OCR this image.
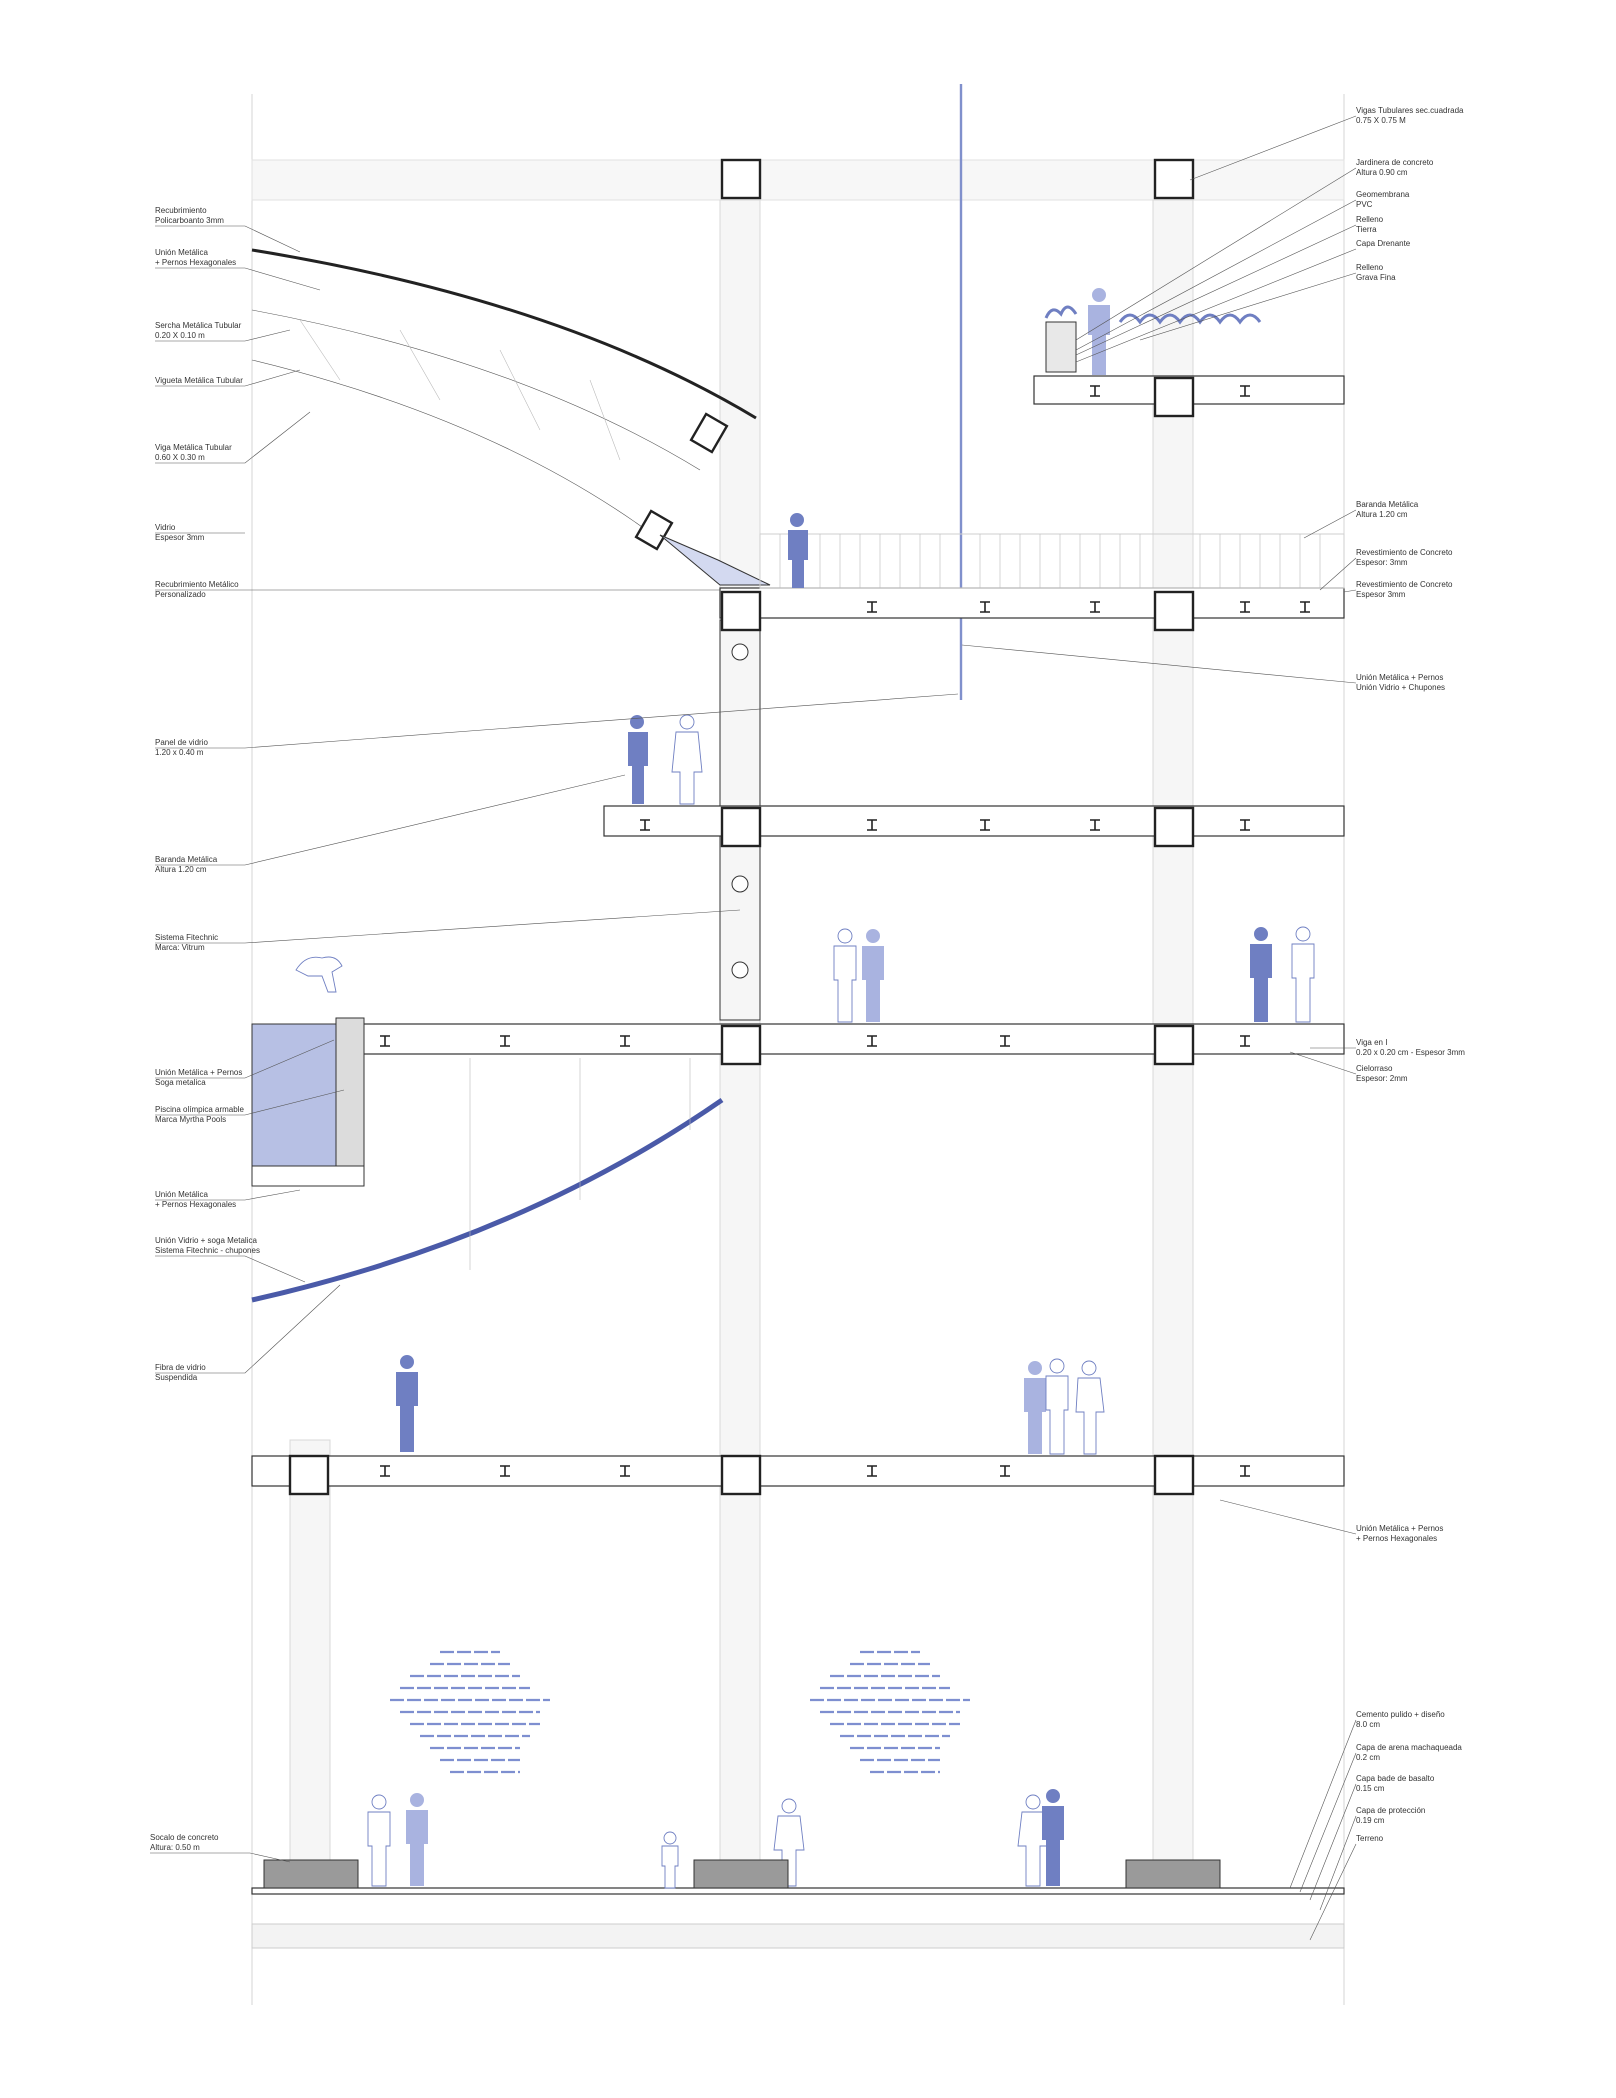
Recubrimiento
Policarboanto 3mm
Unión Metálica
+ Pernos Hexagonales
Sercha Metálica Tubular
0.20 X 0.10 m
Vigueta Metálica Tubular
Viga Metálica Tubular
0.60 X 0.30 m
Vidrio
Espesor 3mm
Recubrimiento Metálico
Personalizado
Panel de vidrio
1.20 x 0.40 m
Baranda Metálica
Altura 1.20 cm
Sistema Fitechnic
Marca: Vitrum
Unión Metálica + Pernos
Soga metalica
Piscina olímpica armable
Marca Myrtha Pools
Unión Metálica
+ Pernos Hexagonales
Unión Vidrio + soga Metalica
Sistema Fitechnic - chupones
Fibra de vidrio
Suspendida
Socalo de concreto
Altura: 0.50 m
Vigas Tubulares sec.cuadrada
0.75 X 0.75 M
Jardinera de concreto
Altura 0.90 cm
Geomembrana
PVC
Relleno
Tierra
Capa Drenante
Relleno
Grava Fina
Baranda Metálica
Altura 1.20 cm
Revestimiento de Concreto
Espesor: 3mm
Revestimiento de Concreto
Espesor 3mm
Unión Metálica + Pernos
Unión Vidrio + Chupones
Viga en I
0.20 x 0.20 cm - Espesor 3mm
Cielorraso
Espesor: 2mm
Unión Metálica + Pernos
+ Pernos Hexagonales
Cemento pulido + diseño
8.0 cm
Capa de arena machaqueada
0.2 cm
Capa bade de basalto
0.15 cm
Capa de protección
0.19 cm
Terreno
